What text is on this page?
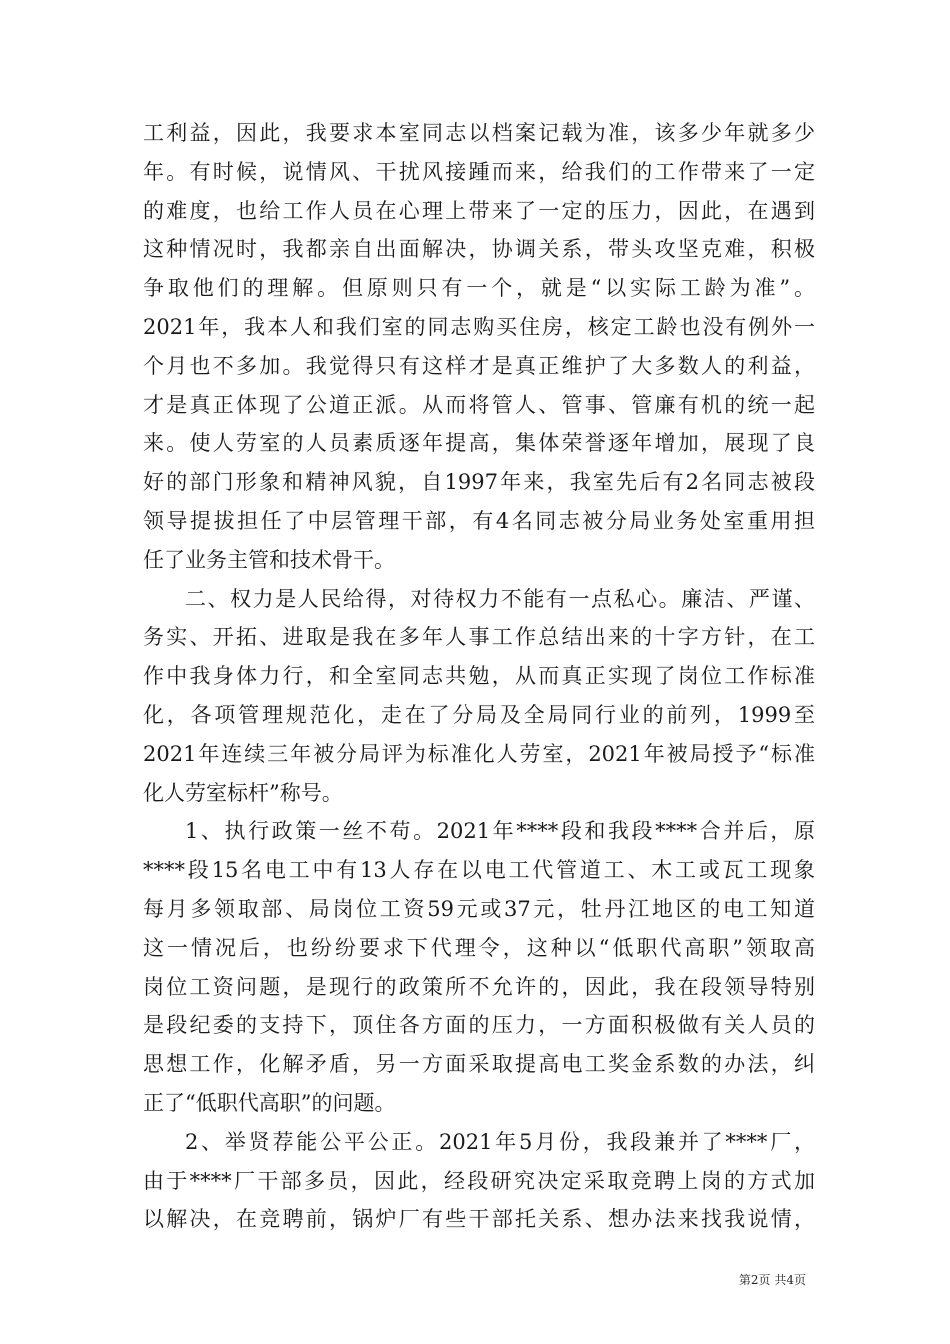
工利益，因此，我要求本室同志以档案记载为准，该多少年就多少
年。有时候，说情风、干扰风接踵而来，给我们的工作带来了一定
的难度，也给工作人员在心理上带来了一定的压力，因此，在遇到
这种情况时，我都亲自出面解决，协调关系，带头攻坚克难，积极
争取他们的理解。但原则只有一个，就是“以实际工龄为准”。
2021年，我本人和我们室的同志购买住房，核定工龄也没有例外一
个月也不多加。我觉得只有这样才是真正维护了大多数人的利益，
才是真正体现了公道正派。从而将管人、管事、管廉有机的统一起
来。使人劳室的人员素质逐年提高，集体荣誉逐年增加，展现了良
好的部门形象和精神风貌，自1997年来，我室先后有2名同志被段
领导提拔担任了中层管理干部，有4名同志被分局业务处室重用担
任了业务主管和技术骨干。
二、权力是人民给得，对待权力不能有一点私心。廉洁、严谨、
务实、开拓、进取是我在多年人事工作总结出来的十字方针，在工
作中我身体力行，和全室同志共勉，从而真正实现了岗位工作标准
化，各项管理规范化，走在了分局及全局同行业的前列，1999至
2021年连续三年被分局评为标准化人劳室，2021年被局授予“标准
化人劳室标杆”称号。
1、执行政策一丝不苟。2021年****段和我段****合并后，原
****段15名电工中有13人存在以电工代管道工、木工或瓦工现象
每月多领取部、局岗位工资59元或37元，牡丹江地区的电工知道
这一情况后，也纷纷要求下代理令，这种以“低职代高职”领取高
岗位工资问题，是现行的政策所不允许的，因此，我在段领导特别
是段纪委的支持下，顶住各方面的压力，一方面积极做有关人员的
思想工作，化解矛盾，另一方面采取提高电工奖金系数的办法，纠
正了“低职代高职”的问题。
2、举贤荐能公平公正。2021年5月份，我段兼并了****厂，
由于****厂干部多员，因此，经段研究决定采取竞聘上岗的方式加
以解决，在竞聘前，锅炉厂有些干部托关系、想办法来找我说情，
第2页 共4页
